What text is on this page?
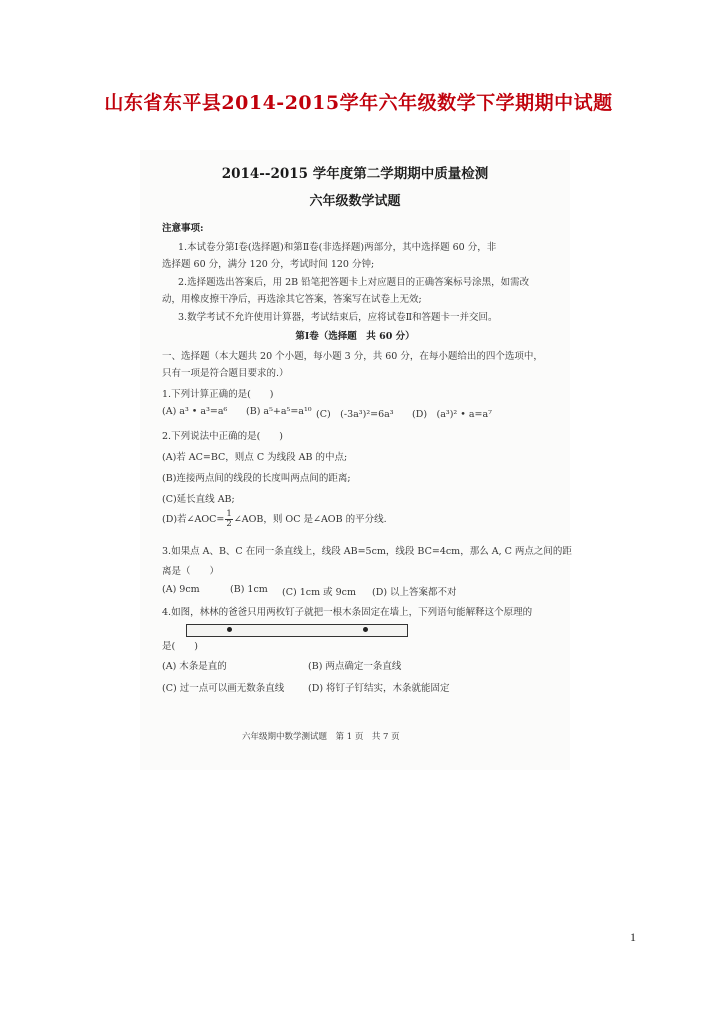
山东省东平县2014-2015学年六年级数学下学期期中试题
2014--2015 学年度第二学期期中质量检测
六年级数学试题
注意事项:
1.本试卷分第Ⅰ卷(选择题)和第Ⅱ卷(非选择题)两部分，其中选择题 60 分，非
选择题 60 分，满分 120 分，考试时间 120 分钟;
2.选择题选出答案后，用 2B 铅笔把答题卡上对应题目的正确答案标号涂黑，如需改
动，用橡皮擦干净后，再选涂其它答案，答案写在试卷上无效;
3.数学考试不允许使用计算器，考试结束后，应将试卷Ⅱ和答题卡一并交回。
第Ⅰ卷（选择题　共 60 分）
一、选择题（本大题共 20 个小题，每小题 3 分，共 60 分，在每小题给出的四个选项中，
只有一项是符合题目要求的.）
1.下列计算正确的是(　　)
(A) a³ • a³=a⁶ (B) a⁵+a⁵=a¹⁰ (C)　(-3a³)²=6a³ (D)　(a³)² • a=a⁷
2.下列说法中正确的是(　　)
(A)若 AC=BC，则点 C 为线段 AB 的中点;
(B)连接两点间的线段的长度叫两点间的距离;
(C)延长直线 AB;
(D)若∠AOC= $\frac{1}{2}$ ∠AOB，则 OC 是∠AOB 的平分线.
3.如果点 A、B、C 在同一条直线上，线段 AB=5cm，线段 BC=4cm，那么 A, C 两点之间的距
离是（　　）
(A) 9cm	(B) 1cm (C) 1cm 或 9cm (D) 以上答案都不对
4.如图，林林的爸爸只用两枚钉子就把一根木条固定在墙上，下列语句能解释这个原理的
是(　　)
(A) 木条是直的	(B) 两点确定一条直线
(C) 过一点可以画无数条直线	(D) 将钉子钉结实，木条就能固定
六年级期中数学测试题　第 1 页　共 7 页
1
